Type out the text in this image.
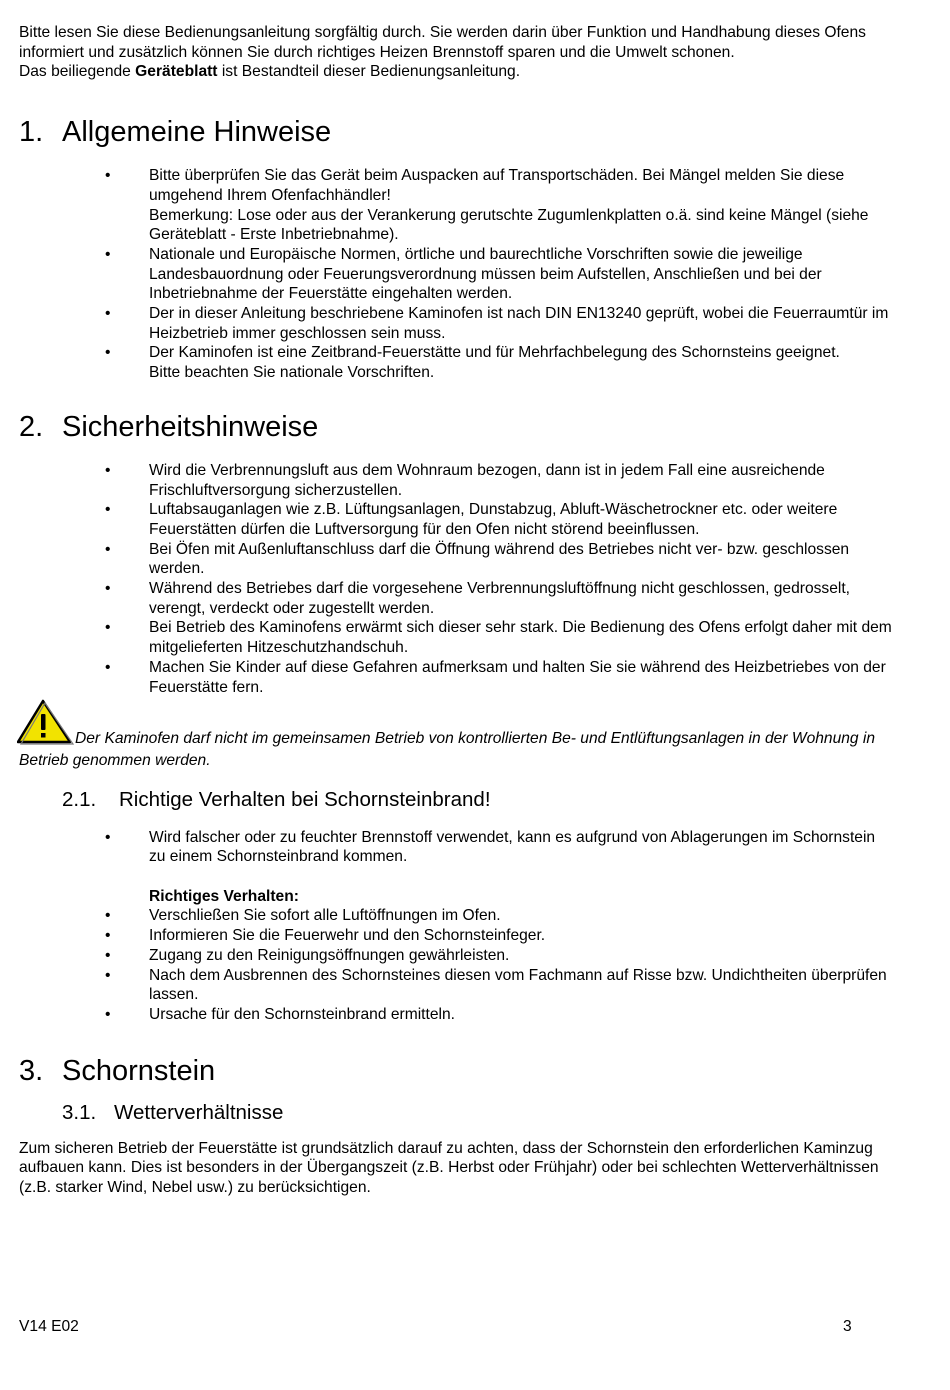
Bitte lesen Sie diese Bedienungsanleitung sorgfältig durch. Sie werden darin über Funktion und Handhabung dieses Ofens informiert und zusätzlich können Sie durch richtiges Heizen Brennstoff sparen und die Umwelt schonen.

Das beiliegende Geräteblatt ist Bestandteil dieser Bedienungsanleitung.

1. Allgemeine Hinweise
• Bitte überprüfen Sie das Gerät beim Auspacken auf Transportschäden. Bei Mängel melden Sie diese umgehend Ihrem Ofenfachhändler!
Bemerkung: Lose oder aus der Verankerung gerutschte Zugumlenkplatten o.ä. sind keine Mängel (siehe Geräteblatt - Erste Inbetriebnahme).
• Nationale und Europäische Normen, örtliche und baurechtliche Vorschriften sowie die jeweilige Landesbauordnung oder Feuerungsverordnung müssen beim Aufstellen, Anschließen und bei der Inbetriebnahme der Feuerstätte eingehalten werden.
• Der in dieser Anleitung beschriebene Kaminofen ist nach DIN EN13240 geprüft, wobei die Feuerraumtür im Heizbetrieb immer geschlossen sein muss.
• Der Kaminofen ist eine Zeitbrand-Feuerstätte und für Mehrfachbelegung des Schornsteins geeignet.
Bitte beachten Sie nationale Vorschriften.
2. Sicherheitshinweise
• Wird die Verbrennungsluft aus dem Wohnraum bezogen, dann ist in jedem Fall eine ausreichende Frischluftversorgung sicherzustellen.
• Luftabsauganlagen wie z.B. Lüftungsanlagen, Dunstabzug, Abluft-Wäschetrockner etc. oder weitere Feuerstätten dürfen die Luftversorgung für den Ofen nicht störend beeinflussen.
• Bei Öfen mit Außenluftanschluss darf die Öffnung während des Betriebes nicht ver- bzw. geschlossen werden.
• Während des Betriebes darf die vorgesehene Verbrennungsluftöffnung nicht geschlossen, gedrosselt, verengt, verdeckt oder zugestellt werden.
• Bei Betrieb des Kaminofens erwärmt sich dieser sehr stark. Die Bedienung des Ofens erfolgt daher mit dem mitgelieferten Hitzeschutzhandschuh.
• Machen Sie Kinder auf diese Gefahren aufmerksam und halten Sie sie während des Heizbetriebes von der Feuerstätte fern.
Der Kaminofen darf nicht im gemeinsamen Betrieb von kontrollierten Be- und Entlüftungsanlagen in der Wohnung in Betrieb genommen werden.
2.1. Richtige Verhalten bei Schornsteinbrand!
• Wird falscher oder zu feuchter Brennstoff verwendet, kann es aufgrund von Ablagerungen im Schornstein zu einem Schornsteinbrand kommen.

Richtiges Verhalten:

• Verschließen Sie sofort alle Luftöffnungen im Ofen.
• Informieren Sie die Feuerwehr und den Schornsteinfeger.
• Zugang zu den Reinigungsöffnungen gewährleisten.
• Nach dem Ausbrennen des Schornsteines diesen vom Fachmann auf Risse bzw. Undichtheiten überprüfen lassen.
• Ursache für den Schornsteinbrand ermitteln.
3. Schornstein
3.1. Wetterverhältnisse

Zum sicheren Betrieb der Feuerstätte ist grundsätzlich darauf zu achten, dass der Schornstein den erforderlichen Kaminzug aufbauen kann. Dies ist besonders in der Übergangszeit (z.B. Herbst oder Frühjahr) oder bei schlechten Wetterverhältnissen (z.B. starker Wind, Nebel usw.) zu berücksichtigen.

V14 E02	3
